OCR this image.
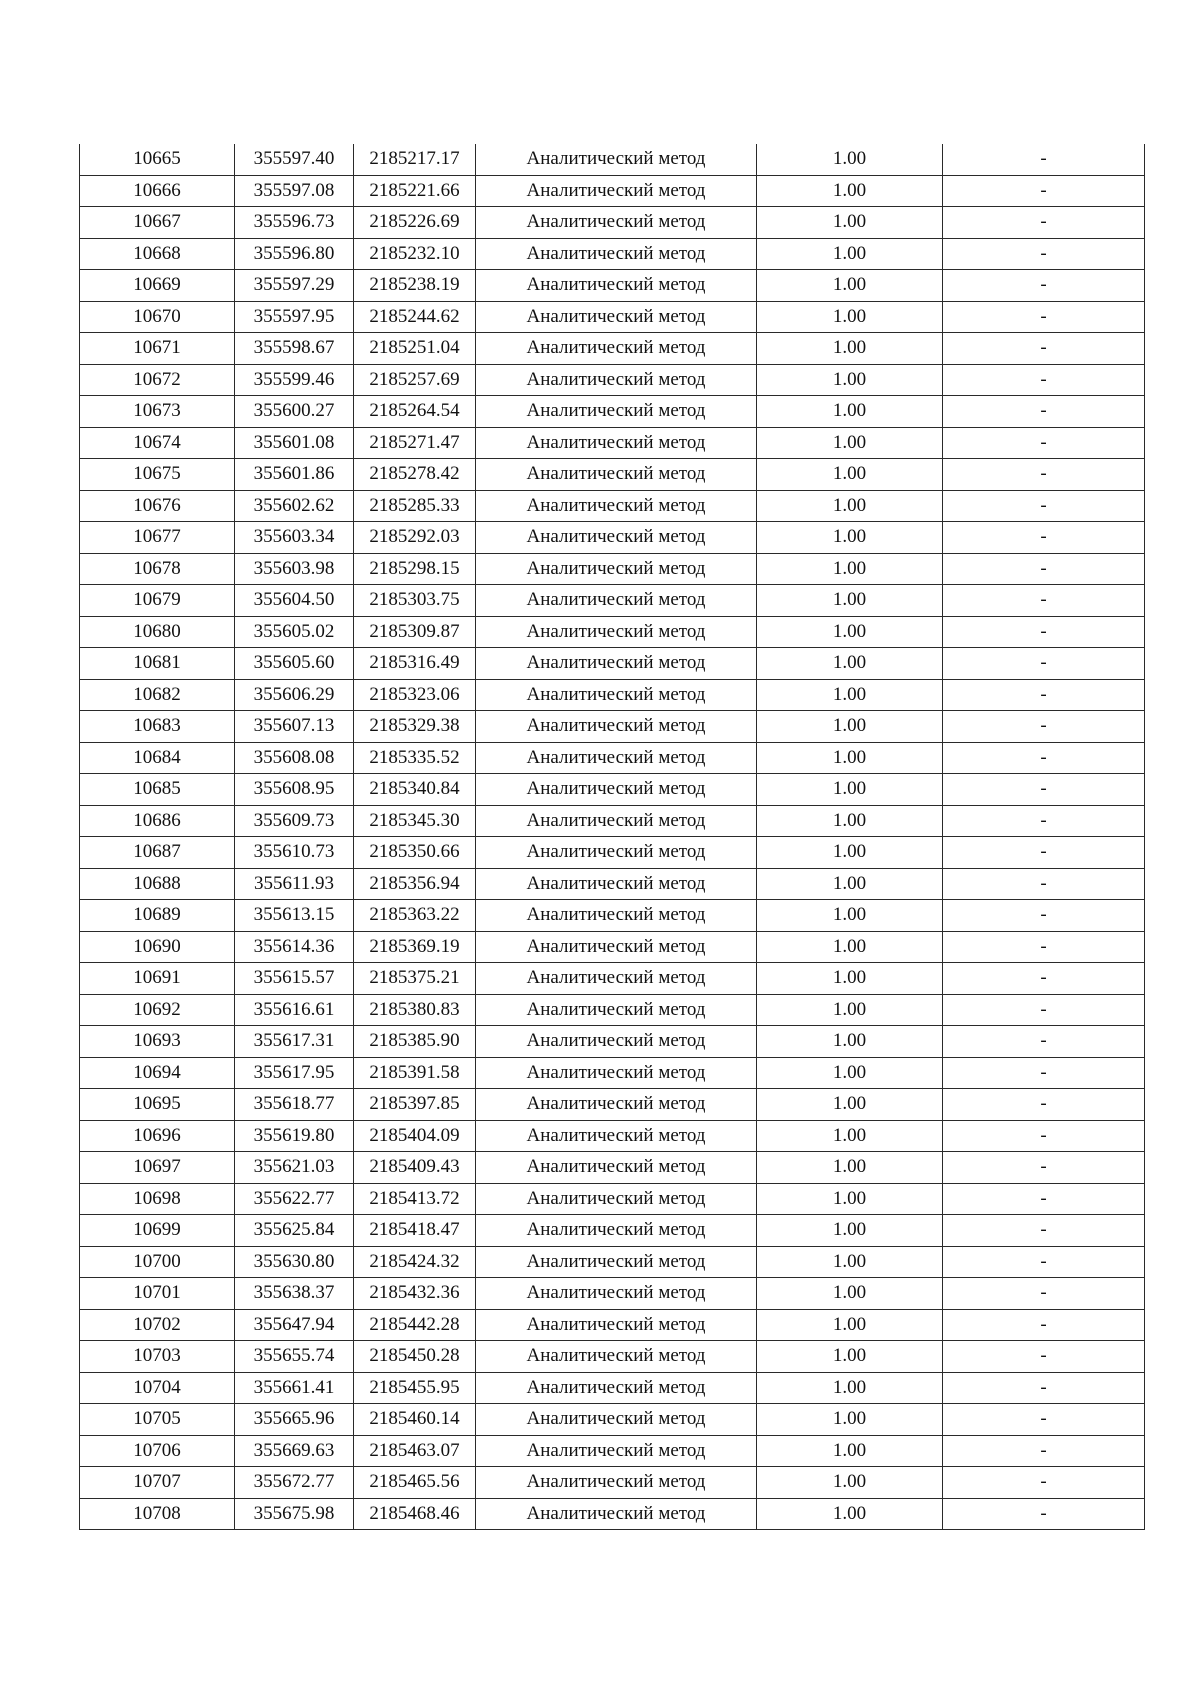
10665	355597.40	2185217.17	Аналитический метод	1.00	-
10666	355597.08	2185221.66	Аналитический метод	1.00	-
10667	355596.73	2185226.69	Аналитический метод	1.00	-
10668	355596.80	2185232.10	Аналитический метод	1.00	-
10669	355597.29	2185238.19	Аналитический метод	1.00	-
10670	355597.95	2185244.62	Аналитический метод	1.00	-
10671	355598.67	2185251.04	Аналитический метод	1.00	-
10672	355599.46	2185257.69	Аналитический метод	1.00	-
10673	355600.27	2185264.54	Аналитический метод	1.00	-
10674	355601.08	2185271.47	Аналитический метод	1.00	-
10675	355601.86	2185278.42	Аналитический метод	1.00	-
10676	355602.62	2185285.33	Аналитический метод	1.00	-
10677	355603.34	2185292.03	Аналитический метод	1.00	-
10678	355603.98	2185298.15	Аналитический метод	1.00	-
10679	355604.50	2185303.75	Аналитический метод	1.00	-
10680	355605.02	2185309.87	Аналитический метод	1.00	-
10681	355605.60	2185316.49	Аналитический метод	1.00	-
10682	355606.29	2185323.06	Аналитический метод	1.00	-
10683	355607.13	2185329.38	Аналитический метод	1.00	-
10684	355608.08	2185335.52	Аналитический метод	1.00	-
10685	355608.95	2185340.84	Аналитический метод	1.00	-
10686	355609.73	2185345.30	Аналитический метод	1.00	-
10687	355610.73	2185350.66	Аналитический метод	1.00	-
10688	355611.93	2185356.94	Аналитический метод	1.00	-
10689	355613.15	2185363.22	Аналитический метод	1.00	-
10690	355614.36	2185369.19	Аналитический метод	1.00	-
10691	355615.57	2185375.21	Аналитический метод	1.00	-
10692	355616.61	2185380.83	Аналитический метод	1.00	-
10693	355617.31	2185385.90	Аналитический метод	1.00	-
10694	355617.95	2185391.58	Аналитический метод	1.00	-
10695	355618.77	2185397.85	Аналитический метод	1.00	-
10696	355619.80	2185404.09	Аналитический метод	1.00	-
10697	355621.03	2185409.43	Аналитический метод	1.00	-
10698	355622.77	2185413.72	Аналитический метод	1.00	-
10699	355625.84	2185418.47	Аналитический метод	1.00	-
10700	355630.80	2185424.32	Аналитический метод	1.00	-
10701	355638.37	2185432.36	Аналитический метод	1.00	-
10702	355647.94	2185442.28	Аналитический метод	1.00	-
10703	355655.74	2185450.28	Аналитический метод	1.00	-
10704	355661.41	2185455.95	Аналитический метод	1.00	-
10705	355665.96	2185460.14	Аналитический метод	1.00	-
10706	355669.63	2185463.07	Аналитический метод	1.00	-
10707	355672.77	2185465.56	Аналитический метод	1.00	-
10708	355675.98	2185468.46	Аналитический метод	1.00	-
